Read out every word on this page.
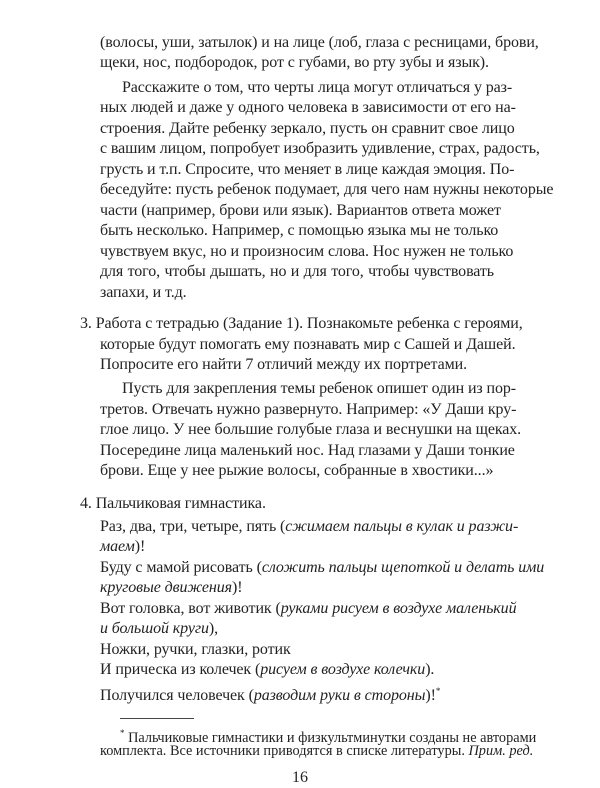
(волосы, уши, затылок) и на лице (лоб, глаза с ресницами, брови,
щеки, нос, подбородок, рот с губами, во рту зубы и язык).
Расскажите о том, что черты лица могут отличаться у раз-
ных людей и даже у одного человека в зависимости от его на-
строения. Дайте ребенку зеркало, пусть он сравнит свое лицо
с вашим лицом, попробует изобразить удивление, страх, радость,
грусть и т.п. Спросите, что меняет в лице каждая эмоция. По-
беседуйте: пусть ребенок подумает, для чего нам нужны некоторые
части (например, брови или язык). Вариантов ответа может
быть несколько. Например, с помощью языка мы не только
чувствуем вкус, но и произносим слова. Нос нужен не только
для того, чтобы дышать, но и для того, чтобы чувствовать
запахи, и т.д.
3. Работа с тетрадью (Задание 1). Познакомьте ребенка с героями,
которые будут помогать ему познавать мир с Сашей и Дашей.
Попросите его найти 7 отличий между их портретами.
Пусть для закрепления темы ребенок опишет один из пор-
третов. Отвечать нужно развернуто. Например: «У Даши кру-
глое лицо. У нее большие голубые глаза и веснушки на щеках.
Посередине лица маленький нос. Над глазами у Даши тонкие
брови. Еще у нее рыжие волосы, собранные в хвостики...»
4. Пальчиковая гимнастика.
Раз, два, три, четыре, пять (сжимаем пальцы в кулак и разжи-
маем)!
Буду с мамой рисовать (сложить пальцы щепоткой и делать ими
круговые движения)!
Вот головка, вот животик (руками рисуем в воздухе маленький
и большой круги),
Ножки, ручки, глазки, ротик
И прическа из колечек (рисуем в воздухе колечки).
Получился человечек (разводим руки в стороны)!*
* Пальчиковые гимнастики и физкультминутки созданы не авторами
комплекта. Все источники приводятся в списке литературы. Прим. ред.
16
